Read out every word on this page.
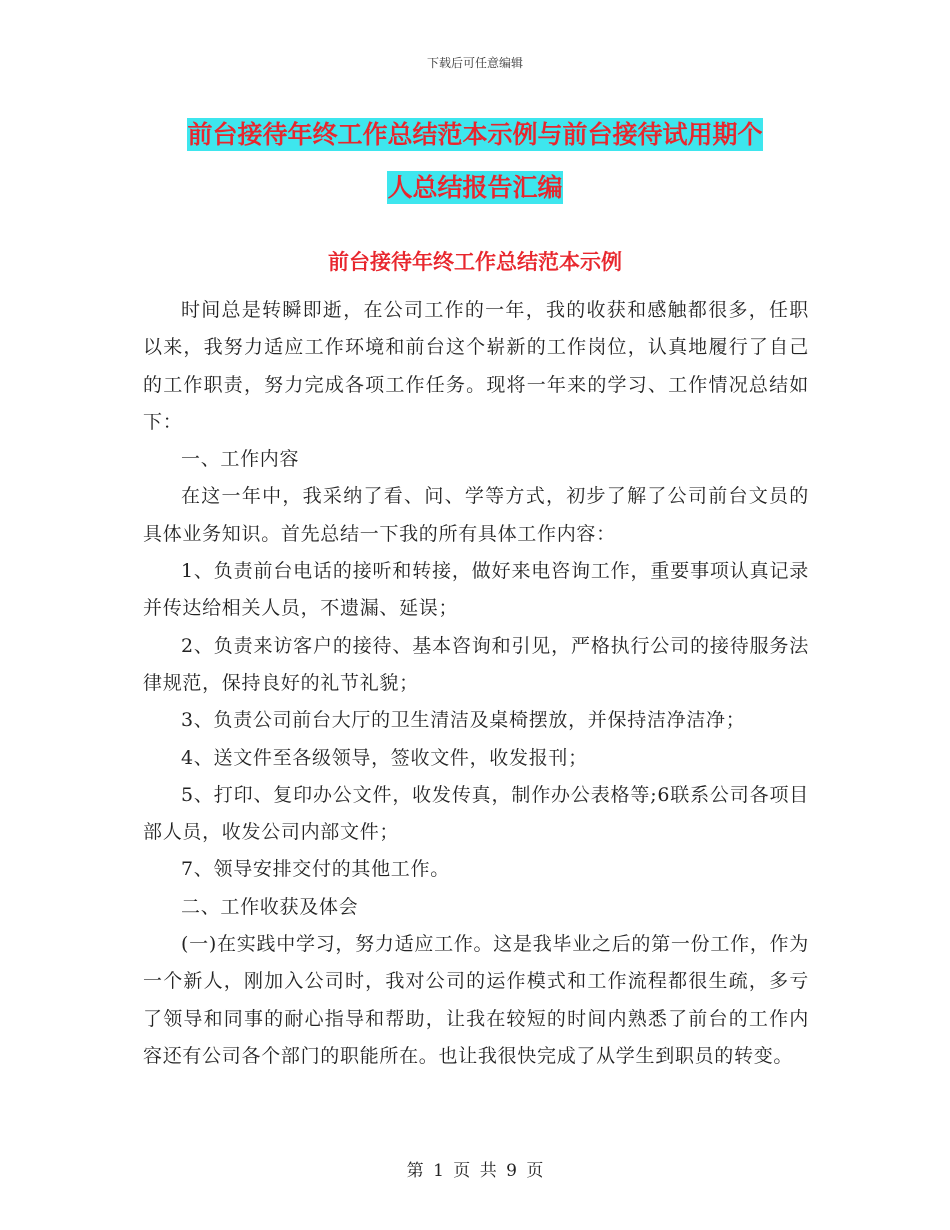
下载后可任意编辑
前台接待年终工作总结范本示例与前台接待试用期个
人总结报告汇编
前台接待年终工作总结范本示例

时间总是转瞬即逝，在公司工作的一年，我的收获和感触都很多，任职以来，我努力适应工作环境和前台这个崭新的工作岗位，认真地履行了自己的工作职责，努力完成各项工作任务。现将一年来的学习、工作情况总结如下：

一、工作内容

在这一年中，我采纳了看、问、学等方式，初步了解了公司前台文员的具体业务知识。首先总结一下我的所有具体工作内容：

1、负责前台电话的接听和转接，做好来电咨询工作，重要事项认真记录并传达给相关人员，不遗漏、延误；

2、负责来访客户的接待、基本咨询和引见，严格执行公司的接待服务法律规范，保持良好的礼节礼貌；

3、负责公司前台大厅的卫生清洁及桌椅摆放，并保持洁净洁净；

4、送文件至各级领导，签收文件，收发报刊；

5、打印、复印办公文件，收发传真，制作办公表格等;6联系公司各项目部人员，收发公司内部文件；

7、领导安排交付的其他工作。

二、工作收获及体会

(一)在实践中学习，努力适应工作。这是我毕业之后的第一份工作，作为一个新人，刚加入公司时，我对公司的运作模式和工作流程都很生疏，多亏了领导和同事的耐心指导和帮助，让我在较短的时间内熟悉了前台的工作内容还有公司各个部门的职能所在。也让我很快完成了从学生到职员的转变。

第 1 页 共 9 页
